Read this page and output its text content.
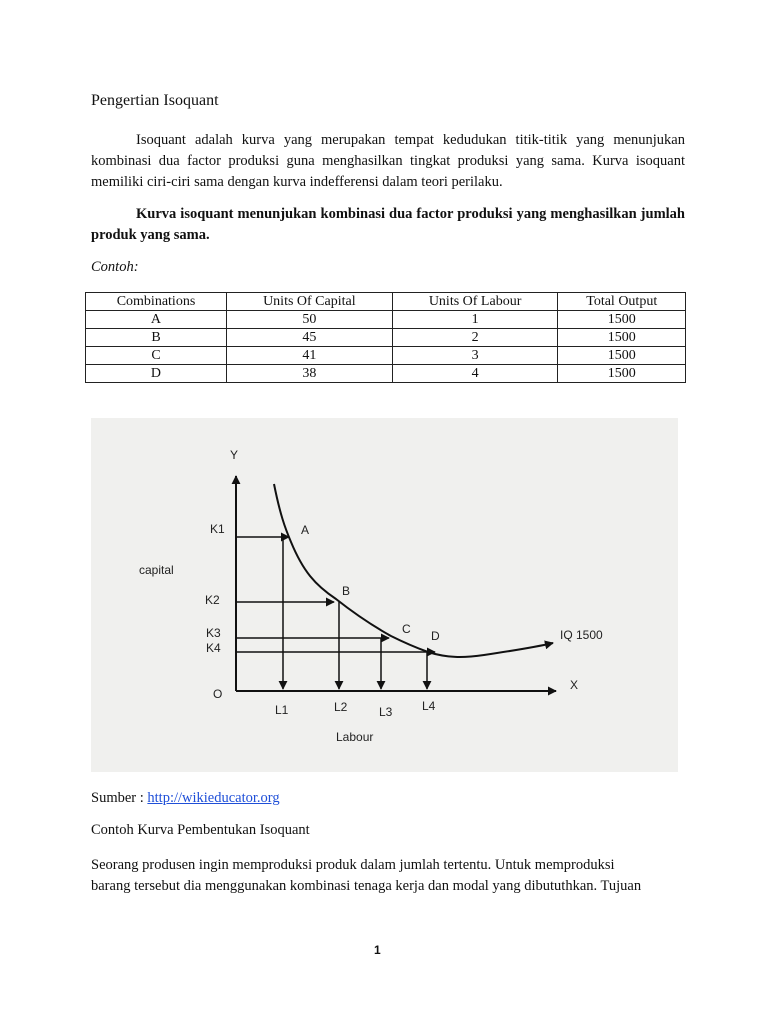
Pengertian Isoquant
Isoquant adalah kurva yang merupakan tempat kedudukan titik-titik yang menunjukan kombinasi dua factor produksi guna menghasilkan tingkat produksi yang sama. Kurva isoquant memiliki ciri-ciri sama dengan kurva indefferensi dalam teori perilaku.
Kurva isoquant menunjukan kombinasi dua factor produksi yang menghasilkan jumlah produk yang sama.
Contoh:
Combinations	Units Of Capital	Units Of Labour	Total Output
A	50	1	1500
B	45	2	1500
C	41	3	1500
D	38	4	1500
Y
X
O
capital
Labour
K1
K2
K3
K4
L1	L2	L3 L4
A
B
C D	IQ 1500
Sumber : http://wikieducator.org
Contoh Kurva Pembentukan Isoquant
Seorang produsen ingin memproduksi produk dalam jumlah tertentu. Untuk memproduksi
barang tersebut dia menggunakan kombinasi tenaga kerja dan modal yang dibututhkan. Tujuan
1
